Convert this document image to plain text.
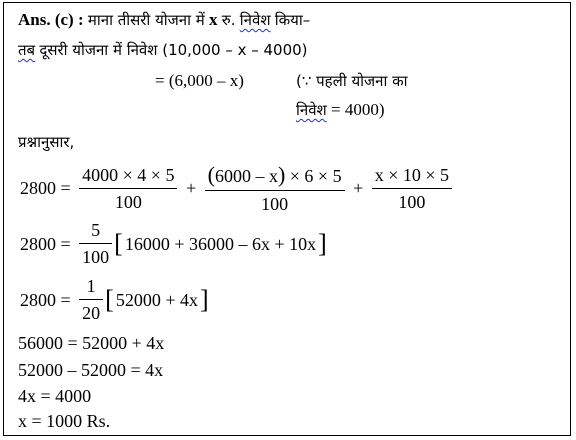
Ans. (c) : माना तीसरी योजना में x रु. निवेश किया–
तब दूसरी योजना में निवेश (10,000 – x – 4000)
= (6,000 – x)	(∵ पहली योजना का
निवेश = 4000)
प्रश्नानुसार,
$2800 = \frac{4000 \times 4 \times 5}{100} + \frac{(6000 - x) \times 6 \times 5}{100} + \frac{x \times 10 \times 5}{100}$
$2800 = \frac{5}{100}$ [ 16000 + 36000 – 6x + 10x]
$2800 = \frac{1}{20}$ [ 52000 + 4x]
56000 = 52000 + 4x
52000 – 52000 = 4x
4x = 4000
x = 1000 Rs.
